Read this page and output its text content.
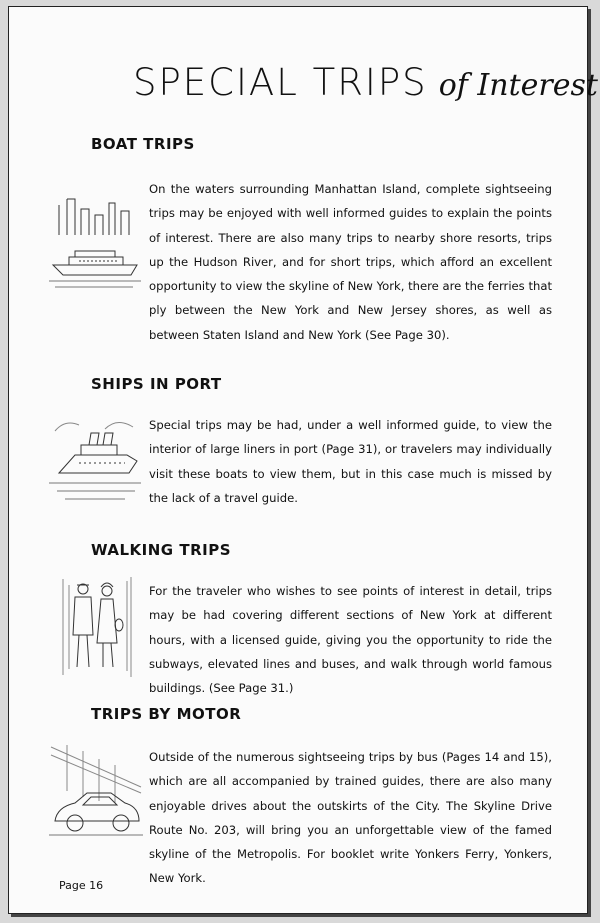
SPECIAL TRIPS of Interest
BOAT TRIPS
On the waters surrounding Manhattan Island, complete sightseeing trips may be enjoyed with well informed guides to explain the points of interest. There are also many trips to nearby shore resorts, trips up the Hudson River, and for short trips, which afford an excellent opportunity to view the skyline of New York, there are the ferries that ply between the New York and New Jersey shores, as well as between Staten Island and New York (See Page 30).
SHIPS IN PORT
Special trips may be had, under a well informed guide, to view the interior of large liners in port (Page 31), or travelers may individually visit these boats to view them, but in this case much is missed by the lack of a travel guide.
WALKING TRIPS
For the traveler who wishes to see points of interest in detail, trips may be had covering different sections of New York at different hours, with a licensed guide, giving you the opportunity to ride the subways, elevated lines and buses, and walk through world famous buildings. (See Page 31.)
TRIPS BY MOTOR
Outside of the numerous sightseeing trips by bus (Pages 14 and 15), which are all accompanied by trained guides, there are also many enjoyable drives about the outskirts of the City. The Skyline Drive Route No. 203, will bring you an unforgettable view of the famed skyline of the Metropolis. For booklet write Yonkers Ferry, Yonkers, New York.
Page 16
